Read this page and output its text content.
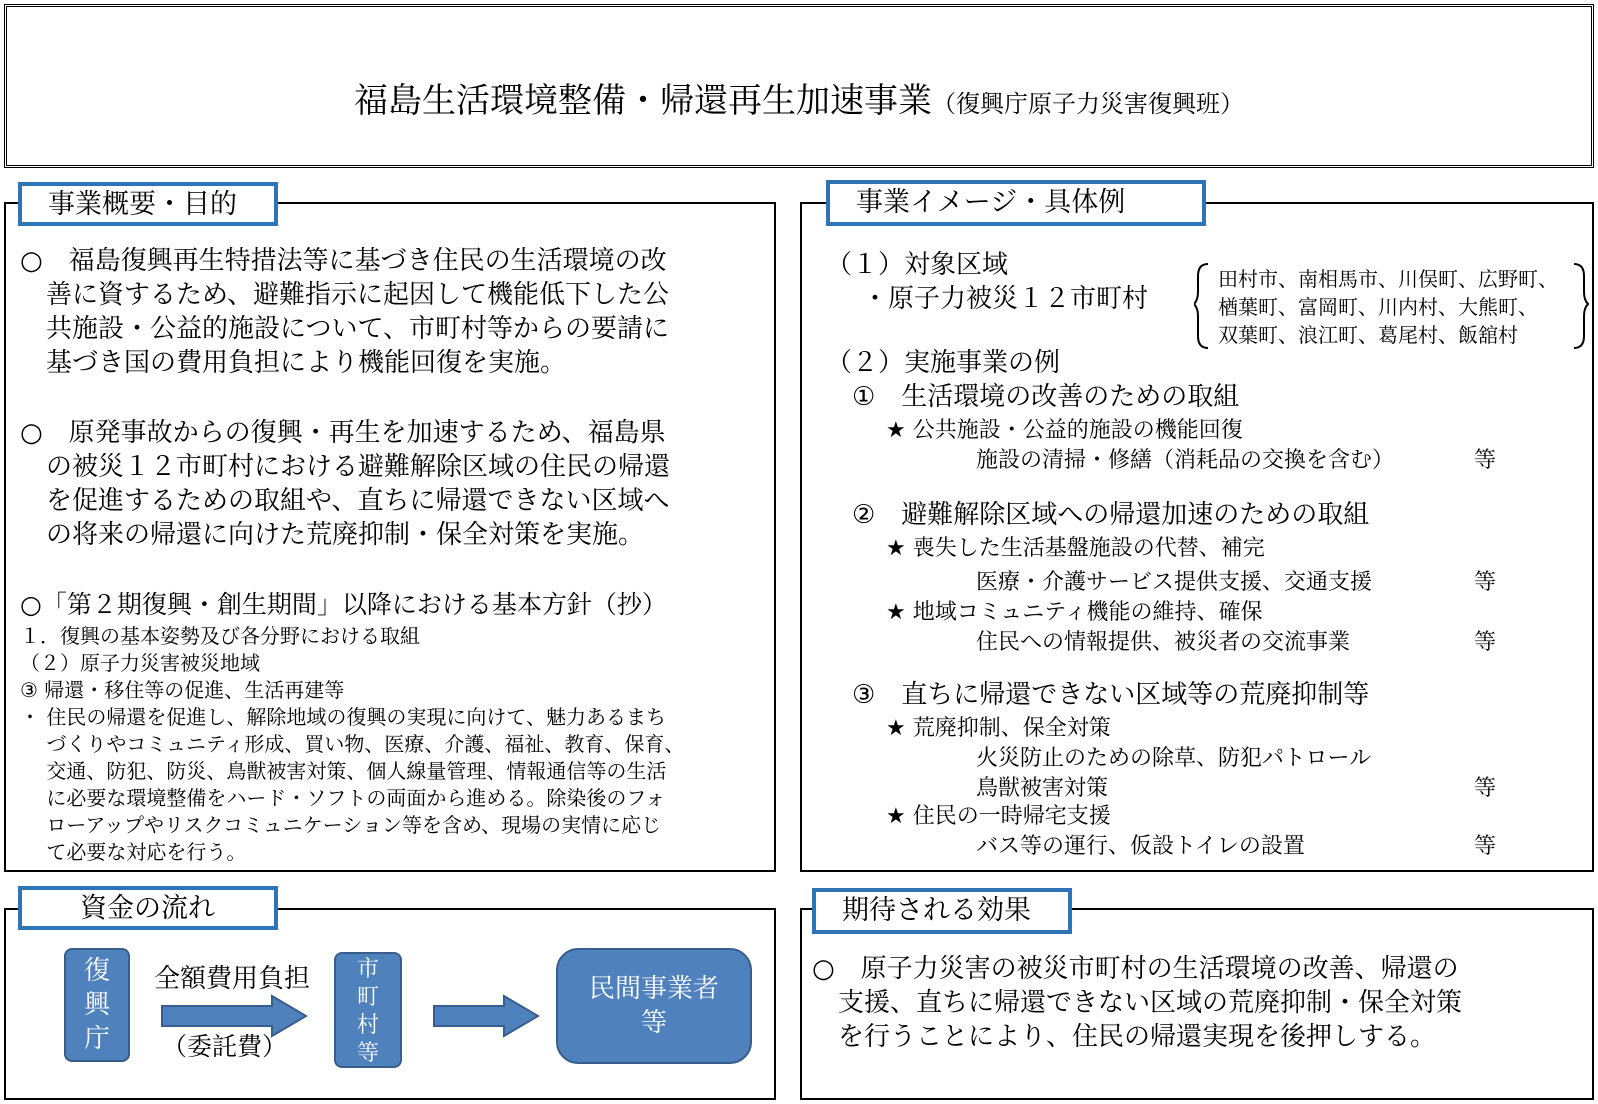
福島生活環境整備・帰還再生加速事業（復興庁原子力災害復興班）
事業概要・目的
○　福島復興再生特措法等に基づき住民の生活環境の改
　善に資するため、避難指示に起因して機能低下した公
　共施設・公益的施設について、市町村等からの要請に
　基づき国の費用負担により機能回復を実施。
○　原発事故からの復興・再生を加速するため、福島県
　の被災１２市町村における避難解除区域の住民の帰還
　を促進するための取組や、直ちに帰還できない区域へ
　の将来の帰還に向けた荒廃抑制・保全対策を実施。
○「第２期復興・創生期間」以降における基本方針（抄）
１．復興の基本姿勢及び各分野における取組
（２）原子力災害被災地域
③ 帰還・移住等の促進、生活再建等
・ 住民の帰還を促進し、解除地域の復興の実現に向けて、魅力あるまち
　 づくりやコミュニティ形成、買い物、医療、介護、福祉、教育、保育、
　 交通、防犯、防災、鳥獣被害対策、個人線量管理、情報通信等の生活
　 に必要な環境整備をハード・ソフトの両面から進める。除染後のフォ
　 ローアップやリスクコミュニケーション等を含め、現場の実情に応じ
　 て必要な対応を行う。
事業イメージ・具体例
（１）対象区域
・原子力被災１２市町村
田村市、南相馬市、川俣町、広野町、
楢葉町、富岡町、川内村、大熊町、
双葉町、浪江町、葛尾村、飯舘村
（２）実施事業の例
①　生活環境の改善のための取組
★ 公共施設・公益的施設の機能回復
施設の清掃・修繕（消耗品の交換を含む）	等
②　避難解除区域への帰還加速のための取組
★ 喪失した生活基盤施設の代替、補完
医療・介護サービス提供支援、交通支援	等
★ 地域コミュニティ機能の維持、確保
住民への情報提供、被災者の交流事業	等
③　直ちに帰還できない区域等の荒廃抑制等
★ 荒廃抑制、保全対策
火災防止のための除草、防犯パトロール
鳥獣被害対策	等
★ 住民の一時帰宅支援
バス等の運行、仮設トイレの設置	等
資金の流れ
復
興
庁
全額費用負担
（委託費）
市
町
村
等
民間事業者
等
期待される効果
○　原子力災害の被災市町村の生活環境の改善、帰還の
　支援、直ちに帰還できない区域の荒廃抑制・保全対策
　を行うことにより、住民の帰還実現を後押しする。
